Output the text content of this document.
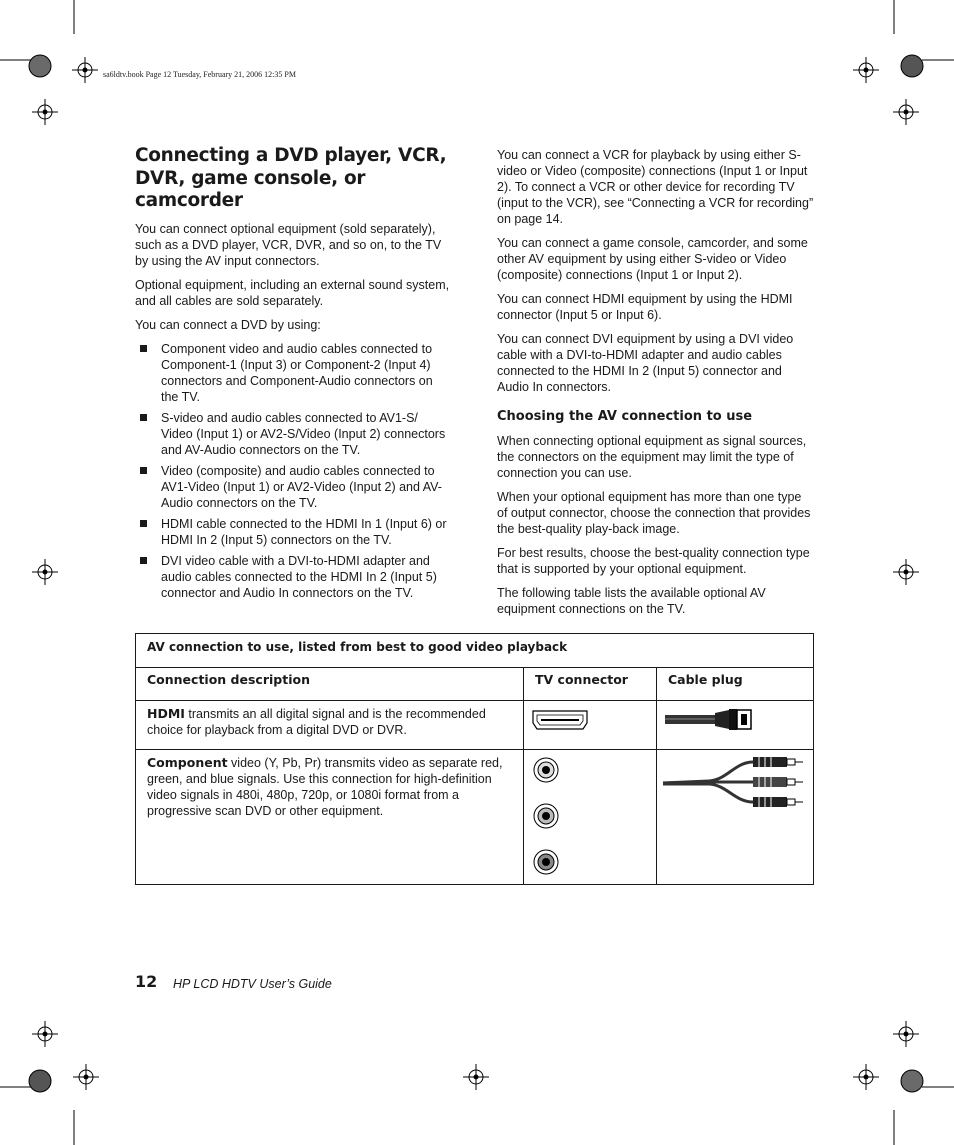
sa6ldtv.book Page 12 Tuesday, February 21, 2006 12:35 PM
Connecting a DVD player, VCR, DVR, game console, or camcorder

You can connect optional equipment (sold separately), such as a DVD player, VCR, DVR, and so on, to the TV by using the AV input connectors.

Optional equipment, including an external sound system, and all cables are sold separately.

You can connect a DVD by using:

Component video and audio cables connected to Component-1 (Input 3) or Component-2 (Input 4) connectors and Component-Audio connectors on the TV.
S-video and audio cables connected to AV1-S/ Video (Input 1) or AV2-S/Video (Input 2) connectors and AV-Audio connectors on the TV.
Video (composite) and audio cables connected to AV1-Video (Input 1) or AV2-Video (Input 2) and AV-Audio connectors on the TV.
HDMI cable connected to the HDMI In 1 (Input 6) or HDMI In 2 (Input 5) connectors on the TV.
DVI video cable with a DVI-to-HDMI adapter and audio cables connected to the HDMI In 2 (Input 5) connector and Audio In connectors on the TV.

You can connect a VCR for playback by using either S-video or Video (composite) connections (Input 1 or Input 2). To connect a VCR or other device for recording TV (input to the VCR), see “Connecting a VCR for recording” on page 14.

You can connect a game console, camcorder, and some other AV equipment by using either S-video or Video (composite) connections (Input 1 or Input 2).

You can connect HDMI equipment by using the HDMI connector (Input 5 or Input 6).

You can connect DVI equipment by using a DVI video cable with a DVI-to-HDMI adapter and audio cables connected to the HDMI In 2 (Input 5) connector and Audio In connectors.

Choosing the AV connection to use

When connecting optional equipment as signal sources, the connectors on the equipment may limit the type of connection you can use.

When your optional equipment has more than one type of output connector, choose the connection that provides the best-quality play-back image.

For best results, choose the best-quality connection type that is supported by your optional equipment.

The following table lists the available optional AV equipment connections on the TV.

AV connection to use, listed from best to good video playback		
Connection description	TV connector	Cable plug
HDMI transmits an all digital signal and is the recommended choice for playback from a digital DVD or DVR.		
Component video (Y, Pb, Pr) transmits video as separate red, green, and blue signals. Use this connection for high-definition video signals in 480i, 480p, 720p, or 1080i format from a progressive scan DVD or other equipment.		
12 HP LCD HDTV User’s Guide
